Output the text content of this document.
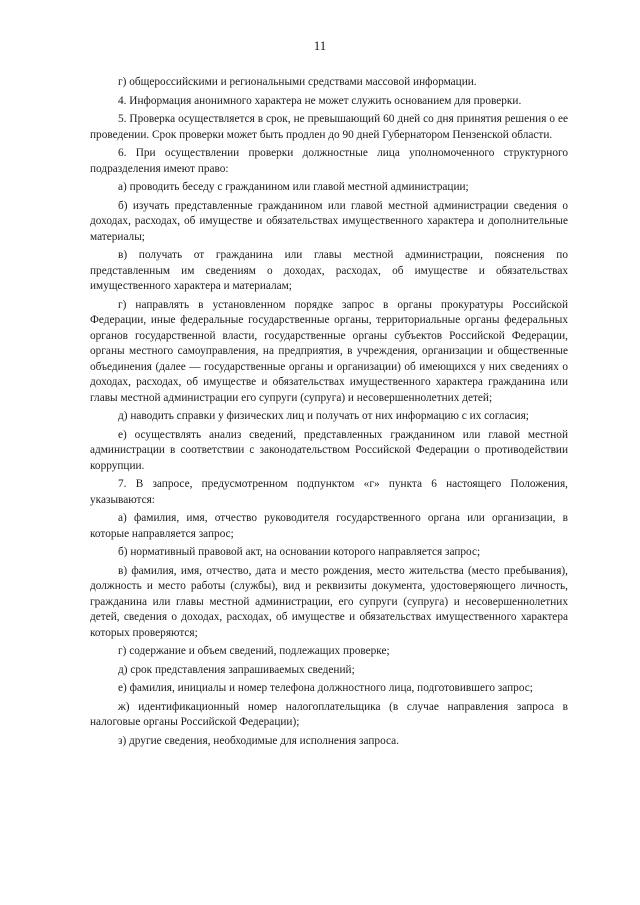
11

г) общероссийскими и региональными средствами массовой информации.

4. Информация анонимного характера не может служить основанием для проверки.

5. Проверка осуществляется в срок, не превышающий 60 дней со дня принятия решения о ее проведении. Срок проверки может быть продлен до 90 дней Губернатором Пензенской области.

6. При осуществлении проверки должностные лица уполномоченного структурного подразделения имеют право:

а) проводить беседу с гражданином или главой местной администрации;

б) изучать представленные гражданином или главой местной администрации сведения о доходах, расходах, об имуществе и обязательствах имущественного характера и дополнительные материалы;

в) получать от гражданина или главы местной администрации, пояснения по представленным им сведениям о доходах, расходах, об имуществе и обязательствах имущественного характера и материалам;

г) направлять в установленном порядке запрос в органы прокуратуры Российской Федерации, иные федеральные государственные органы, территориальные органы федеральных органов государственной власти, государственные органы субъектов Российской Федерации, органы местного самоуправления, на предприятия, в учреждения, организации и общественные объединения (далее — государственные органы и организации) об имеющихся у них сведениях о доходах, расходах, об имуществе и обязательствах имущественного характера гражданина или главы местной администрации его супруги (супруга) и несовершеннолетних детей;

д) наводить справки у физических лиц и получать от них информацию с их согласия;

е) осуществлять анализ сведений, представленных гражданином или главой местной администрации в соответствии с законодательством Российской Федерации о противодействии коррупции.

7. В запросе, предусмотренном подпунктом «г» пункта 6 настоящего Положения, указываются:

а) фамилия, имя, отчество руководителя государственного органа или организации, в которые направляется запрос;

б) нормативный правовой акт, на основании которого направляется запрос;

в) фамилия, имя, отчество, дата и место рождения, место жительства (место пребывания), должность и место работы (службы), вид и реквизиты документа, удостоверяющего личность, гражданина или главы местной администрации, его супруги (супруга) и несовершеннолетних детей, сведения о доходах, расходах, об имуществе и обязательствах имущественного характера которых проверяются;

г) содержание и объем сведений, подлежащих проверке;

д) срок представления запрашиваемых сведений;

е) фамилия, инициалы и номер телефона должностного лица, подготовившего запрос;

ж) идентификационный номер налогоплательщика (в случае направления запроса в налоговые органы Российской Федерации);

з) другие сведения, необходимые для исполнения запроса.
